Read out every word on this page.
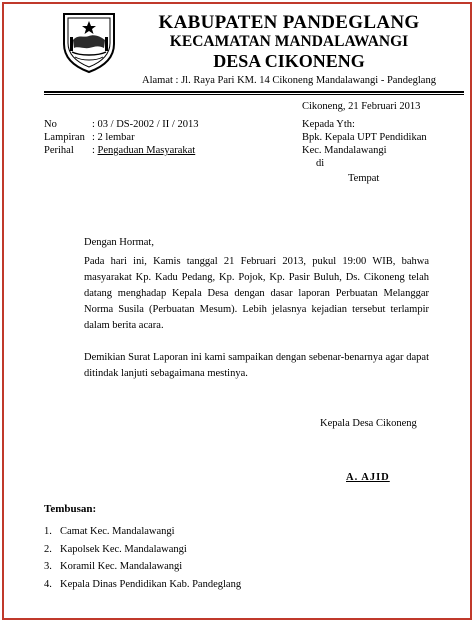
KABUPATEN PANDEGLANG
KECAMATAN MANDALAWANGI
DESA CIKONENG
Alamat : Jl. Raya Pari KM. 14 Cikoneng Mandalawangi - Pandeglang
Cikoneng, 21 Februari 2013
No	: 03 / DS-2002 / II / 2013
Lampiran : 2 lembar
Perihal : Pengaduan Masyarakat
Kepada Yth:
Bpk. Kepala UPT Pendidikan
Kec. Mandalawangi
di
Tempat
Dengan Hormat,
Pada hari ini, Kamis tanggal 21 Februari 2013, pukul 19:00 WIB, bahwa masyarakat Kp. Kadu Pedang, Kp. Pojok, Kp. Pasir Buluh, Ds. Cikoneng telah datang menghadap Kepala Desa dengan dasar laporan Perbuatan Melanggar Norma Susila (Perbuatan Mesum). Lebih jelasnya kejadian tersebut terlampir dalam berita acara.
Demikian Surat Laporan ini kami sampaikan dengan sebenar-benarnya agar dapat ditindak lanjuti sebagaimana mestinya.
Kepala Desa Cikoneng
A. AJID
Tembusan:
1. Camat Kec. Mandalawangi
2. Kapolsek Kec. Mandalawangi
3. Koramil Kec. Mandalawangi
4. Kepala Dinas Pendidikan Kab. Pandeglang
